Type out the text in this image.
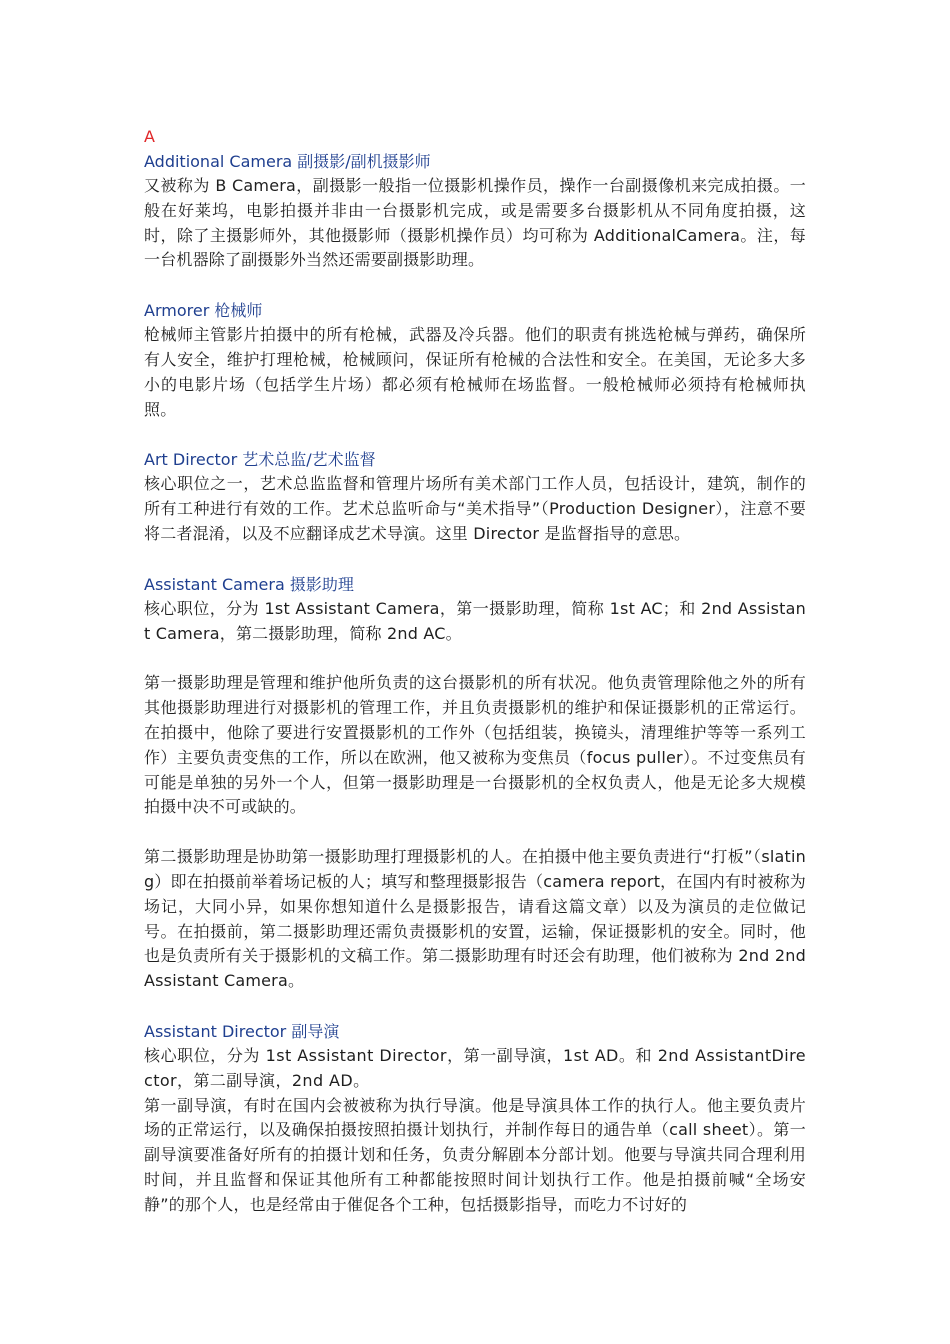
A
Additional Camera 副摄影/副机摄影师

又被称为 B Camera，副摄影一般指一位摄影机操作员，操作一台副摄像机来完成拍摄。一般在好莱坞，电影拍摄并非由一台摄影机完成，或是需要多台摄影机从不同角度拍摄，这时，除了主摄影师外，其他摄影师（摄影机操作员）均可称为 AdditionalCamera。注，每一台机器除了副摄影外当然还需要副摄影助理。

Armorer 枪械师

枪械师主管影片拍摄中的所有枪械，武器及冷兵器。他们的职责有挑选枪械与弹药，确保所有人安全，维护打理枪械，枪械顾问，保证所有枪械的合法性和安全。在美国，无论多大多小的电影片场（包括学生片场）都必须有枪械师在场监督。一般枪械师必须持有枪械师执照。

Art Director 艺术总监/艺术监督

核心职位之一，艺术总监监督和管理片场所有美术部门工作人员，包括设计，建筑，制作的所有工种进行有效的工作。艺术总监听命与“美术指导”（Production Designer），注意不要将二者混淆，以及不应翻译成艺术导演。这里 Director 是监督指导的意思。

Assistant Camera 摄影助理

核心职位，分为 1st Assistant Camera，第一摄影助理，简称 1st AC；和 2nd Assistant Camera，第二摄影助理，简称 2nd AC。

第一摄影助理是管理和维护他所负责的这台摄影机的所有状况。他负责管理除他之外的所有其他摄影助理进行对摄影机的管理工作，并且负责摄影机的维护和保证摄影机的正常运行。在拍摄中，他除了要进行安置摄影机的工作外（包括组装，换镜头，清理维护等等一系列工作）主要负责变焦的工作，所以在欧洲，他又被称为变焦员（focus puller）。不过变焦员有可能是单独的另外一个人，但第一摄影助理是一台摄影机的全权负责人，他是无论多大规模拍摄中决不可或缺的。

第二摄影助理是协助第一摄影助理打理摄影机的人。在拍摄中他主要负责进行“打板”（slating）即在拍摄前举着场记板的人；填写和整理摄影报告（camera report，在国内有时被称为场记，大同小异，如果你想知道什么是摄影报告，请看这篇文章）以及为演员的走位做记号。在拍摄前，第二摄影助理还需负责摄影机的安置，运输，保证摄影机的安全。同时，他也是负责所有关于摄影机的文稿工作。第二摄影助理有时还会有助理，他们被称为 2nd 2ndAssistant Camera。

Assistant Director 副导演

核心职位，分为 1st Assistant Director，第一副导演，1st AD。和 2nd AssistantDirector，第二副导演，2nd AD。

第一副导演，有时在国内会被被称为执行导演。他是导演具体工作的执行人。他主要负责片场的正常运行，以及确保拍摄按照拍摄计划执行，并制作每日的通告单（call sheet）。第一副导演要准备好所有的拍摄计划和任务，负责分解剧本分部计划。他要与导演共同合理利用时间，并且监督和保证其他所有工种都能按照时间计划执行工作。他是拍摄前喊“全场安静”的那个人，也是经常由于催促各个工种，包括摄影指导，而吃力不讨好的
